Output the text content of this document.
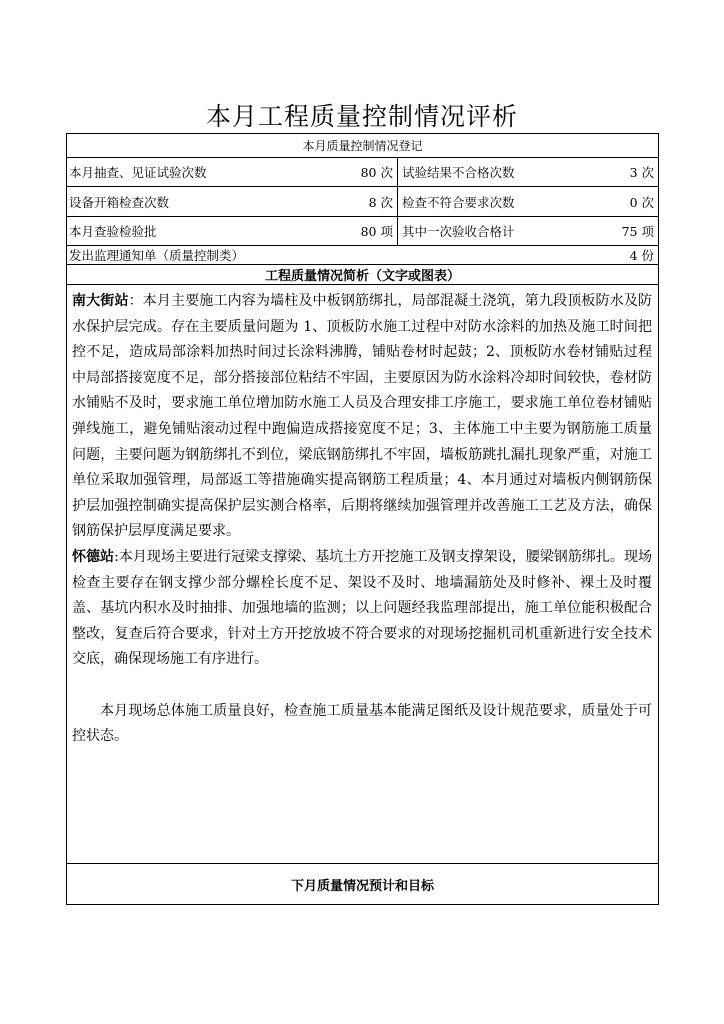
本月工程质量控制情况评析
本月质量控制情况登记
本月抽查、见证试验次数	80 次 试验结果不合格次数	3 次
设备开箱检查次数	8 次 检查不符合要求次数	0 次
本月查验检验批	80 项 其中一次验收合格计	75 项
发出监理通知单（质量控制类）	4 份
工程质量情况简析（文字或图表）

南大街站：本月主要施工内容为墙柱及中板钢筋绑扎，局部混凝土浇筑，第九段顶板防水及防水保护层完成。存在主要质量问题为 1、顶板防水施工过程中对防水涂料的加热及施工时间把控不足，造成局部涂料加热时间过长涂料沸腾，铺贴卷材时起鼓；2、顶板防水卷材铺贴过程中局部搭接宽度不足，部分搭接部位粘结不牢固，主要原因为防水涂料冷却时间较快，卷材防水铺贴不及时，要求施工单位增加防水施工人员及合理安排工序施工，要求施工单位卷材铺贴弹线施工，避免铺贴滚动过程中跑偏造成搭接宽度不足；3、主体施工中主要为钢筋施工质量问题，主要问题为钢筋绑扎不到位，梁底钢筋绑扎不牢固，墙板筋跳扎漏扎现象严重，对施工单位采取加强管理，局部返工等措施确实提高钢筋工程质量；4、本月通过对墙板内侧钢筋保护层加强控制确实提高保护层实测合格率，后期将继续加强管理并改善施工工艺及方法，确保钢筋保护层厚度满足要求。

怀德站:本月现场主要进行冠梁支撑梁、基坑土方开挖施工及钢支撑架设，腰梁钢筋绑扎。现场检查主要存在钢支撑少部分螺栓长度不足、架设不及时、地墙漏筋处及时修补、裸土及时覆盖、基坑内积水及时抽排、加强地墙的监测；以上问题经我监理部提出，施工单位能积极配合整改，复查后符合要求，针对土方开挖放坡不符合要求的对现场挖掘机司机重新进行安全技术交底，确保现场施工有序进行。

本月现场总体施工质量良好，检查施工质量基本能满足图纸及设计规范要求，质量处于可控状态。

下月质量情况预计和目标
